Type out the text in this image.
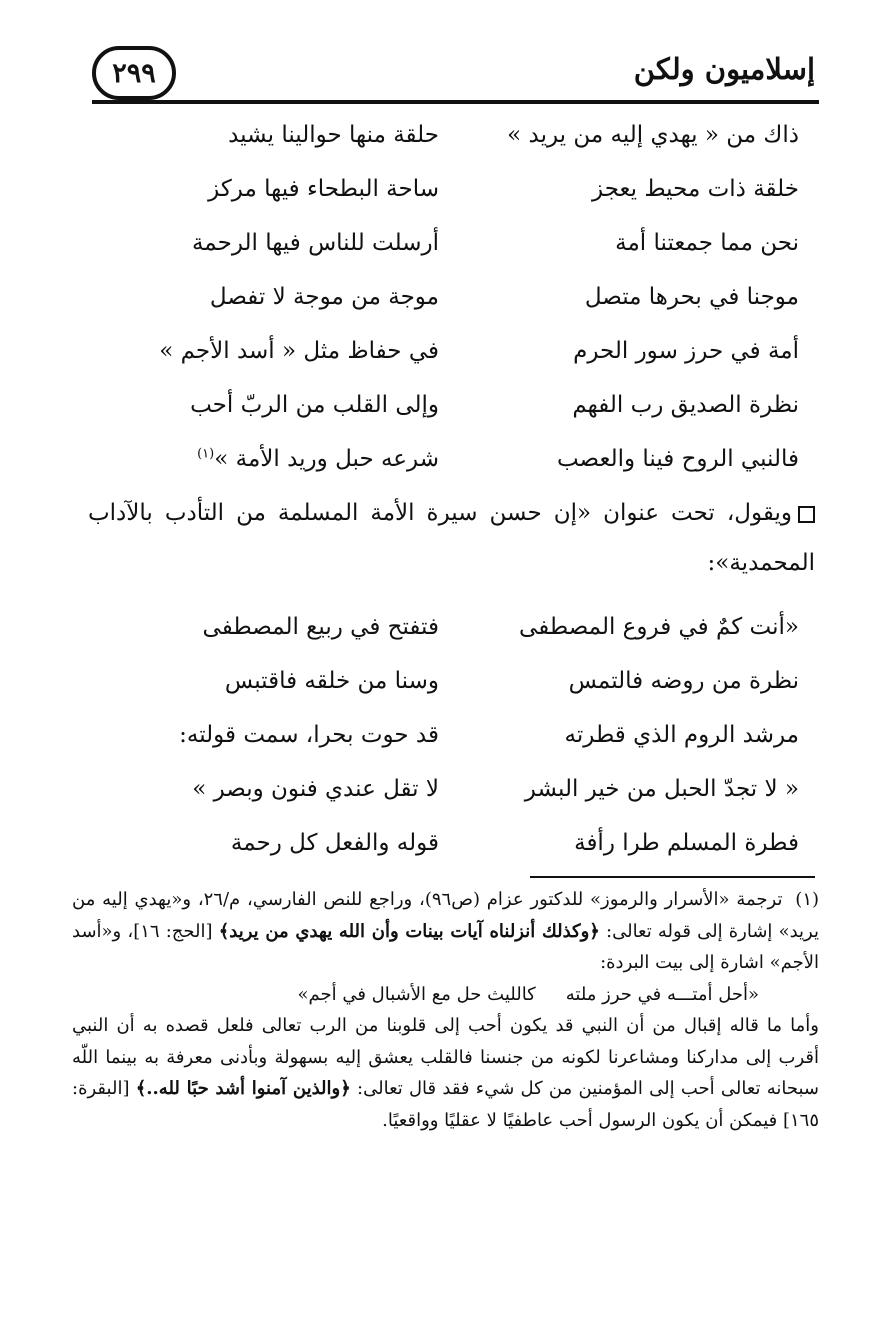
إسلاميون ولكن
٢٩٩
ذاك من « يهدي إليه من يريد »
حلقة منها حوالينا يشيد
خلقة ذات محيط يعجز
ساحة البطحاء فيها مركز
نحن مما جمعتنا أمة
أرسلت للناس فيها الرحمة
موجنا في بحرها متصل
موجة من موجة لا تفصل
أمة في حرز سور الحرم
في حفاظ مثل « أسد الأجم »
نظرة الصديق رب الفهم
وإلى القلب من الربّ أحب
فالنبي الروح فينا والعصب
شرعه حبل وريد الأمة »$^{(١)}$
ويقول، تحت عنوان «إن حسن سيرة الأمة المسلمة من التأدب بالآداب المحمدية»:
«أنت كمٌ في فروع المصطفى
فتفتح في ربيع المصطفى
نظرة من روضه فالتمس
وسنا من خلقه فاقتبس
مرشد الروم الذي قطرته
قد حوت بحرا، سمت قولته:
« لا تجدّ الحبل من خير البشر
لا تقل عندي فنون وبصر »
فطرة المسلم طرا رأفة
قوله والفعل كل رحمة

(١) ترجمة «الأسرار والرموز» للدكتور عزام (ص٩٦)، وراجع للنص الفارسي، م/٢٦، و«يهدي إليه من يريد» إشارة إلى قوله تعالى: ﴿وكذلك أنزلناه آيات بينات وأن الله يهدي من يريد﴾ [الحج: ١٦]، و«أسد الأجم» اشارة إلى بيت البردة:

«أحل أمتـــه في حرز ملتهكالليث حل مع الأشبال في أجم»

وأما ما قاله إقبال من أن النبي قد يكون أحب إلى قلوبنا من الرب تعالى فلعل قصده به أن النبي أقرب إلى مداركنا ومشاعرنا لكونه من جنسنا فالقلب يعشق إليه بسهولة وبأدنى معرفة به بينما اللّه سبحانه تعالى أحب إلى المؤمنين من كل شيء فقد قال تعالى: ﴿والذين آمنوا أشد حبًا لله..﴾ [البقرة: ١٦٥] فيمكن أن يكون الرسول أحب عاطفيًا لا عقليًا وواقعيًا.
